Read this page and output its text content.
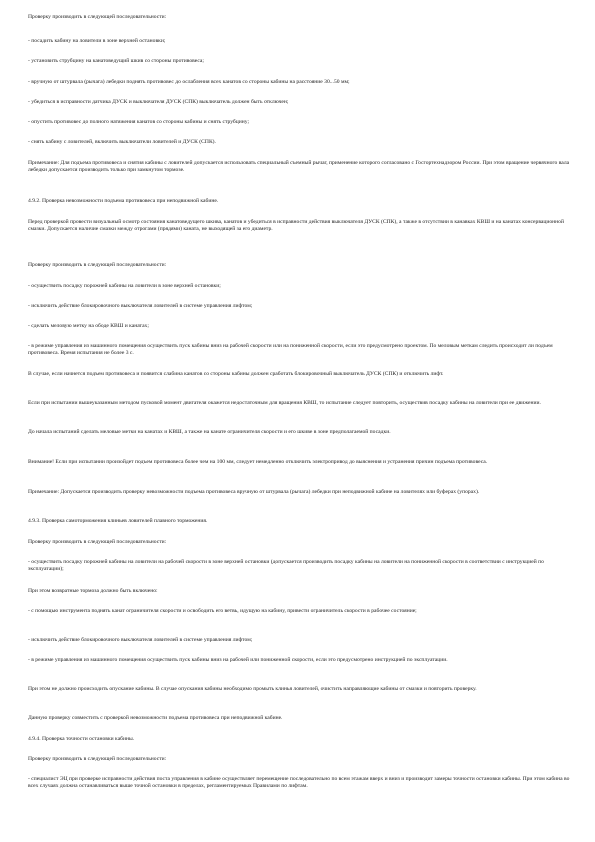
Проверку производить в следующей последовательности:

- посадить кабину на ловители в зоне верхней остановки;

- установить струбцину на канатоведущий шкив со стороны противовеса;

- вручную от штурвала (рычага) лебедки поднять противовес до ослабления всех канатов со стороны кабины на расстояние 30...50 мм;

- убедиться в исправности датчика ДУСК и выключателя ДУСК (СПК) выключатель должен быть отключен;

- опустить противовес до полного натяжения канатов со стороны кабины и снять струбцину;

- снять кабину с ловителей, включить выключатели ловителей и ДУСК (СПК).

Примечание: Для подъема противовеса и снятия кабины с ловителей допускается использовать специальный съемный рычаг, применение которого согласовано с Госгортехнадзором России. При этом вращение червячного вала лебедки допускается производить только при замкнутом тормозе.

4.9.2. Проверка невозможности подъема противовеса при неподвижной кабине.

Перед проверкой провести визуальный осмотр состояния канатоведущего шкива, канатов и убедиться в исправности действия выключателя ДУСК (СПК), а также в отсутствии в канавках КВШ и на канатах консервационной смазки. Допускается наличие смазки между отрогами (прядями) каната, не выходящей за его диаметр.

Проверку производить в следующей последовательности:

- осуществить посадку порожней кабины на ловители в зоне верхней остановки;

- исключить действие блокировочного выключателя ловителей в системе управления лифтом;

- сделать меловую метку на ободе КВШ и канатах;

- в режиме управления из машинного помещения осуществить пуск кабины вниз на рабочей скорости или на пониженной скорости, если это предусмотрено проектом. По меловым меткам следить происходит ли подъем противовеса. Время испытания не более 3 с.

В случае, если начнется подъем противовеса и появится слабина канатов со стороны кабины должен сработать блокировочный выключатель ДУСК (СПК) и отключить лифт.

Если при испытании вышеуказанным методом пусковой момент двигателя окажется недостаточным для вращения КВШ, то испытание следует повторить, осуществив посадку кабины на ловители при ее движении.

До начала испытаний сделать меловые метки на канатах и КВШ, а также на канате ограничителя скорости и его шкиве в зоне предполагаемой посадки.

Внимание! Если при испытании произойдет подъем противовеса более чем на 100 мм, следует немедленно отключить электропривод до выяснения и устранения причин подъема противовеса.

Примечание: Допускается производить проверку невозможности подъема противовеса вручную от штурвала (рычага) лебедки при неподвижной кабине на ловителях или буферах (упорах).

4.9.3. Проверка самоторможения клиньев ловителей плавного торможения.

Проверку производить в следующей последовательности:

- осуществить посадку порожней кабины на ловители на рабочей скорости в зоне верхней остановки (допускается производить посадку кабины на ловители на пониженной скорости в соответствии с инструкцией по эксплуатации);

При этом возвратные тормоза должно быть включено:

- с помощью инструмента поднять канат ограничителя скорости и освободить его ветвь, идущую на кабину, привести ограничитель скорости в рабочее состояние;

- исключить действие блокировочного выключателя ловителей в системе управления лифтом;

- в режиме управления из машинного помещения осуществить пуск кабины вниз на рабочей или пониженной скорости, если это предусмотрено инструкцией по эксплуатации.

При этом не должно происходить опускание кабины. В случае опускания кабины необходимо промыть клинья ловителей, очистить направляющие кабины от смазки и повторить проверку.

Данную проверку совместить с проверкой невозможности подъема противовеса при неподвижной кабине.

4.9.4. Проверка точности остановки кабины.

Проверку производить в следующей последовательности:

- специалист ЭЦ при проверке исправности действия поста управления в кабине осуществляет перемещение последовательно по всем этажам вверх и вниз и производит замеры точности остановки кабины. При этом кабина во всех случаях должна останавливаться выше точной остановки в пределах, регламентируемых Правилами по лифтам.
